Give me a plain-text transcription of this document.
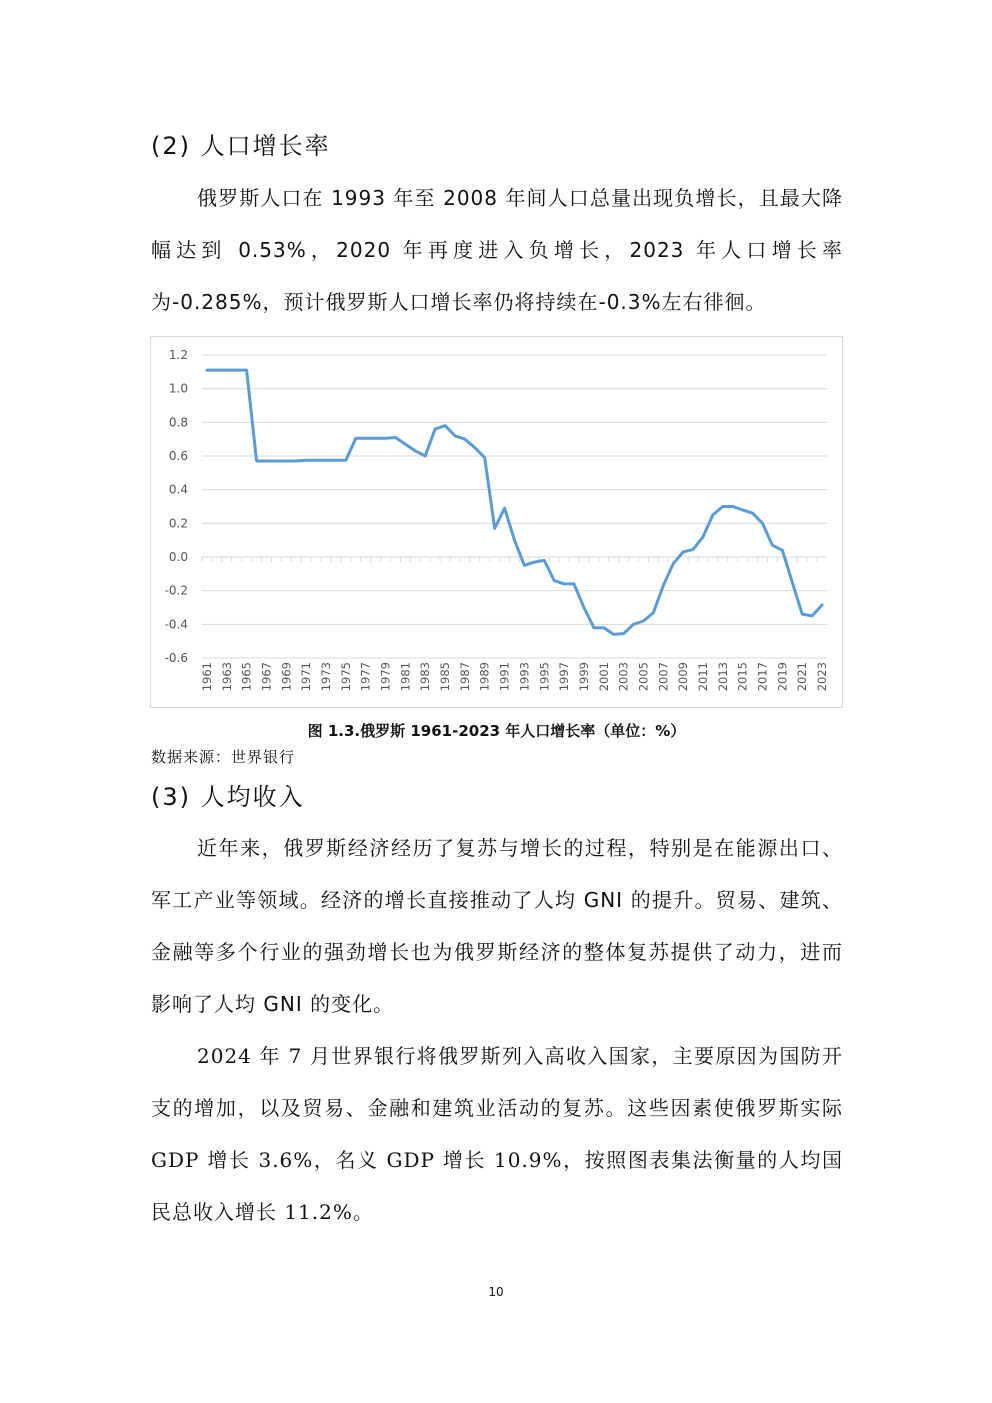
(2) 人口增长率

俄罗斯人口在 1993 年至 2008 年间人口总量出现负增长，且最大降幅达到 0.53%，2020 年再度进入负增长，2023 年人口增长率为-0.285%，预计俄罗斯人口增长率仍将持续在-0.3%左右徘徊。

1.2
1.0
0.8
0.6
0.4
0.2
0.0
-0.2
-0.4
-0.6
1961 1963 1965 1967 1969 1971 1973 1975 1977 1979 1981 1983 1985 1987 1989 1991 1993 1995 1997 1999 2001 2003 2005 2007 2009 2011 2013 2015 2017 2019 2021 2023
图 1.3.俄罗斯 1961-2023 年人口增长率（单位：%）
数据来源：世界银行
(3) 人均收入

近年来，俄罗斯经济经历了复苏与增长的过程，特别是在能源出口、军工产业等领域。经济的增长直接推动了人均 GNI 的提升。贸易、建筑、金融等多个行业的强劲增长也为俄罗斯经济的整体复苏提供了动力，进而影响了人均 GNI 的变化。

2024 年 7 月世界银行将俄罗斯列入高收入国家，主要原因为国防开支的增加，以及贸易、金融和建筑业活动的复苏。这些因素使俄罗斯实际 GDP 增长 3.6%，名义 GDP 增长 10.9%，按照图表集法衡量的人均国民总收入增长 11.2%。

10
